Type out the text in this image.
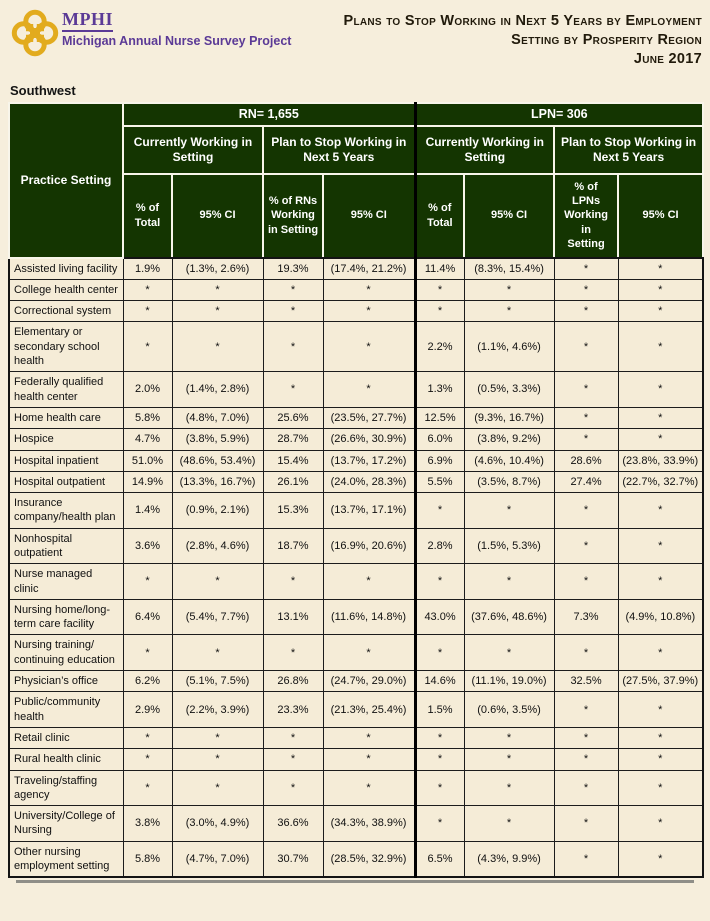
MPHI
Michigan Annual Nurse Survey Project
Plans to Stop Working in Next 5 Years by Employment
Setting by Prosperity Region
June 2017
Southwest
Practice Setting	RN= 1,655				LPN= 306			
	Currently Working in Setting		Plan to Stop Working in Next 5 Years		Currently Working in Setting		Plan to Stop Working in Next 5 Years	
	% of Total	95% CI	% of RNs Working in Setting	95% CI	% of Total	95% CI	% of LPNs Working in Setting	95% CI
Assisted living facility	1.9%	(1.3%, 2.6%)	19.3%	(17.4%, 21.2%)	11.4%	(8.3%, 15.4%)	*	*
College health center	*	*	*	*	*	*	*	*
Correctional system	*	*	*	*	*	*	*	*
Elementary or secondary school health	*	*	*	*	2.2%	(1.1%, 4.6%)	*	*
Federally qualified health center	2.0%	(1.4%, 2.8%)	*	*	1.3%	(0.5%, 3.3%)	*	*
Home health care	5.8%	(4.8%, 7.0%)	25.6%	(23.5%, 27.7%)	12.5%	(9.3%, 16.7%)	*	*
Hospice	4.7%	(3.8%, 5.9%)	28.7%	(26.6%, 30.9%)	6.0%	(3.8%, 9.2%)	*	*
Hospital inpatient	51.0%	(48.6%, 53.4%)	15.4%	(13.7%, 17.2%)	6.9%	(4.6%, 10.4%)	28.6%	(23.8%, 33.9%)
Hospital outpatient	14.9%	(13.3%, 16.7%)	26.1%	(24.0%, 28.3%)	5.5%	(3.5%, 8.7%)	27.4%	(22.7%, 32.7%)
Insurance company/health plan	1.4%	(0.9%, 2.1%)	15.3%	(13.7%, 17.1%)	*	*	*	*
Nonhospital outpatient	3.6%	(2.8%, 4.6%)	18.7%	(16.9%, 20.6%)	2.8%	(1.5%, 5.3%)	*	*
Nurse managed clinic	*	*	*	*	*	*	*	*
Nursing home/long-term care facility	6.4%	(5.4%, 7.7%)	13.1%	(11.6%, 14.8%)	43.0%	(37.6%, 48.6%)	7.3%	(4.9%, 10.8%)
Nursing training/ continuing education	*	*	*	*	*	*	*	*
Physician’s office	6.2%	(5.1%, 7.5%)	26.8%	(24.7%, 29.0%)	14.6%	(11.1%, 19.0%)	32.5%	(27.5%, 37.9%)
Public/community health	2.9%	(2.2%, 3.9%)	23.3%	(21.3%, 25.4%)	1.5%	(0.6%, 3.5%)	*	*
Retail clinic	*	*	*	*	*	*	*	*
Rural health clinic	*	*	*	*	*	*	*	*
Traveling/staffing agency	*	*	*	*	*	*	*	*
University/College of Nursing	3.8%	(3.0%, 4.9%)	36.6%	(34.3%, 38.9%)	*	*	*	*
Other nursing employment setting	5.8%	(4.7%, 7.0%)	30.7%	(28.5%, 32.9%)	6.5%	(4.3%, 9.9%)	*	*
